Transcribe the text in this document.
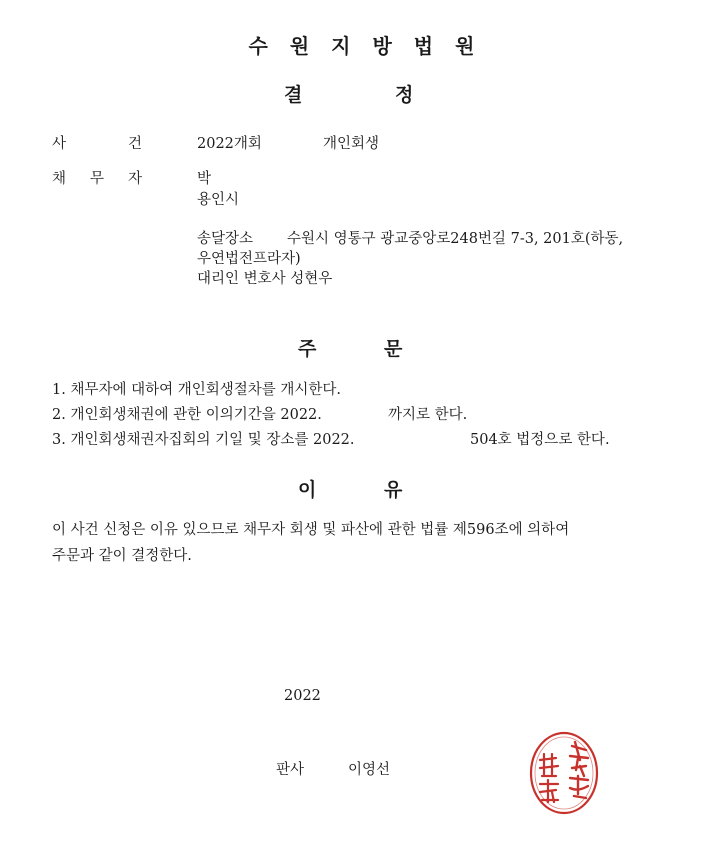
수원지방법원
결	정
사	건	2022개회	개인회생
채 무 자	박
용인시
송달장소 수원시 영통구 광교중앙로248번길 7-3, 201호(하동,
우연법전프라자)
대리인 변호사 성현우
주	문
1. 채무자에 대하여 개인회생절차를 개시한다.
2. 개인회생채권에 관한 이의기간을 2022.	까지로 한다.
3. 개인회생채권자집회의 기일 및 장소를 2022.	504호 법정으로 한다.
이	유
이 사건 신청은 이유 있으므로 채무자 회생 및 파산에 관한 법률 제596조에 의하여
주문과 같이 결정한다.
2022
판사	이영선
